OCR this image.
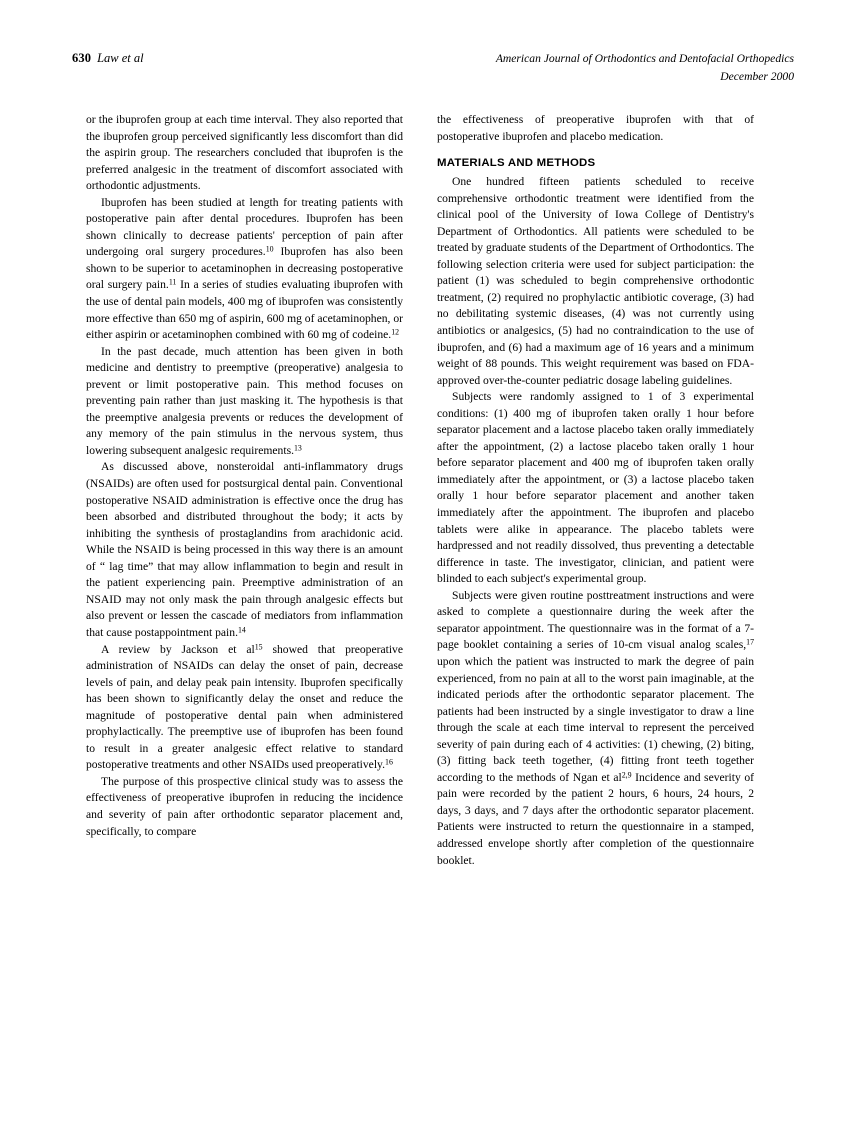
630 Law et al	American Journal of Orthodontics and Dentofacial Orthopedics
December 2000

or the ibuprofen group at each time interval. They also reported that the ibuprofen group perceived significantly less discomfort than did the aspirin group. The researchers concluded that ibuprofen is the preferred analgesic in the treatment of discomfort associated with orthodontic adjustments.

Ibuprofen has been studied at length for treating patients with postoperative pain after dental procedures. Ibuprofen has been shown clinically to decrease patients' perception of pain after undergoing oral surgery procedures.$^{10}$ Ibuprofen has also been shown to be superior to acetaminophen in decreasing postoperative oral surgery pain.$^{11}$ In a series of studies evaluating ibuprofen with the use of dental pain models, 400 mg of ibuprofen was consistently more effective than 650 mg of aspirin, 600 mg of acetaminophen, or either aspirin or acetaminophen combined with 60 mg of codeine.$^{12}$

In the past decade, much attention has been given in both medicine and dentistry to preemptive (preoperative) analgesia to prevent or limit postoperative pain. This method focuses on preventing pain rather than just masking it. The hypothesis is that the preemptive analgesia prevents or reduces the development of any memory of the pain stimulus in the nervous system, thus lowering subsequent analgesic requirements.$^{13}$

As discussed above, nonsteroidal anti-inflammatory drugs (NSAIDs) are often used for postsurgical dental pain. Conventional postoperative NSAID administration is effective once the drug has been absorbed and distributed throughout the body; it acts by inhibiting the synthesis of prostaglandins from arachidonic acid. While the NSAID is being processed in this way there is an amount of “ lag time” that may allow inflammation to begin and result in the patient experiencing pain. Preemptive administration of an NSAID may not only mask the pain through analgesic effects but also prevent or lessen the cascade of mediators from inflammation that cause postappointment pain.$^{14}$

A review by Jackson et $al^{15}$ showed that preoperative administration of NSAIDs can delay the onset of pain, decrease levels of pain, and delay peak pain intensity. Ibuprofen specifically has been shown to significantly delay the onset and reduce the magnitude of postoperative dental pain when administered prophylactically. The preemptive use of ibuprofen has been found to result in a greater analgesic effect relative to standard postoperative treatments and other NSAIDs used preoperatively.$^{16}$

The purpose of this prospective clinical study was to assess the effectiveness of preoperative ibuprofen in reducing the incidence and severity of pain after orthodontic separator placement and, specifically, to compare

the effectiveness of preoperative ibuprofen with that of postoperative ibuprofen and placebo medication.

MATERIALS AND METHODS

One hundred fifteen patients scheduled to receive comprehensive orthodontic treatment were identified from the clinical pool of the University of Iowa College of Dentistry's Department of Orthodontics. All patients were scheduled to be treated by graduate students of the Department of Orthodontics. The following selection criteria were used for subject participation: the patient (1) was scheduled to begin comprehensive orthodontic treatment, (2) required no prophylactic antibiotic coverage, (3) had no debilitating systemic diseases, (4) was not currently using antibiotics or analgesics, (5) had no contraindication to the use of ibuprofen, and (6) had a maximum age of 16 years and a minimum weight of 88 pounds. This weight requirement was based on FDA-approved over-the-counter pediatric dosage labeling guidelines.

Subjects were randomly assigned to 1 of 3 experimental conditions: (1) 400 mg of ibuprofen taken orally 1 hour before separator placement and a lactose placebo taken orally immediately after the appointment, (2) a lactose placebo taken orally 1 hour before separator placement and 400 mg of ibuprofen taken orally immediately after the appointment, or (3) a lactose placebo taken orally 1 hour before separator placement and another taken immediately after the appointment. The ibuprofen and placebo tablets were alike in appearance. The placebo tablets were hardpressed and not readily dissolved, thus preventing a detectable difference in taste. The investigator, clinician, and patient were blinded to each subject's experimental group.

Subjects were given routine posttreatment instructions and were asked to complete a questionnaire during the week after the separator appointment. The questionnaire was in the format of a 7-page booklet containing a series of 10-cm visual analog scales,$^{17}$ upon which the patient was instructed to mark the degree of pain experienced, from no pain at all to the worst pain imaginable, at the indicated periods after the orthodontic separator placement. The patients had been instructed by a single investigator to draw a line through the scale at each time interval to represent the perceived severity of pain during each of 4 activities: (1) chewing, (2) biting, (3) fitting back teeth together, (4) fitting front teeth together according to the methods of Ngan et al$^{2,9}$ Incidence and severity of pain were recorded by the patient 2 hours, 6 hours, 24 hours, 2 days, 3 days, and 7 days after the orthodontic separator placement. Patients were instructed to return the questionnaire in a stamped, addressed envelope shortly after completion of the questionnaire booklet.
